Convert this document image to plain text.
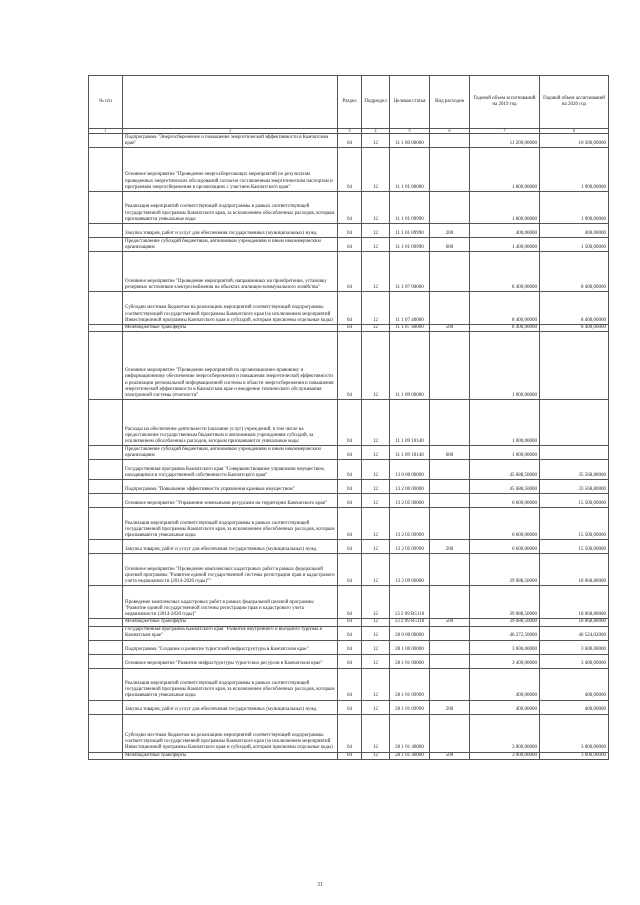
№ п/п		Раздел	Подраздел	Целевая статья	Вид расходов	Годовой объем ассигнований на 2019 год	Годовой объем ассигнований на 2020 год
1	2	3	4	5	6	7	8
	Подпрограмма "Энергосбережение и повышение энергетической эффективности в Камчатском крае"	04	12	11 1 00 00000		11 200,00000	10 300,00000
	Основное мероприятие "Проведение энергосберегающих мероприятий по результатам проведенных энергетических обследований согласно составленным энергетическим паспортам и программам энергосбережения в организациях с участием Камчатского края"	04	12	11 1 01 00000		1 800,00000	1 900,00000
	Реализация мероприятий соответствующей подпрограммы в рамках соответствующей государственной программы Камчатского края, за исключением обособленных расходов, которым присваиваются уникальные коды	04	12	11 1 01 09990		1 800,00000	1 900,00000
	Закупка товаров, работ и услуг для обеспечения государственных (муниципальных) нужд	04	12	11 1 01 09990	200	400,00000	400,00000
	Предоставление субсидий бюджетным, автономным учреждениям и иным некоммерческим организациям	04	12	11 1 01 09990	600	1 400,00000	1 500,00000
	Основное мероприятие "Проведение мероприятий, направленных на приобретение, установку резервных источников электроснабжения на объектах жилищно-коммунального хозяйства"	04	12	11 1 07 00000		8 400,00000	8 400,00000
	Субсидии местным бюджетам на реализацию мероприятий соответствующей подпрограммы соответствующей государственной программы Камчатского края (за исключением мероприятий Инвестиционной программы Камчатского края и субсидий, которым присвоены отдельные коды)	04	12	11 1 07 40060		8 400,00000	8 400,00000
	Межбюджетные трансферты	04	12	11 1 07 40060	500	8 400,00000	8 400,00000
	Основное мероприятие "Проведение мероприятий по организационно-правовому и информационному обеспечению энергосбережения и повышения энергетической эффективности и реализации региональной информационной системы в области энергосбережения и повышения энергетической эффективности в Камчатском крае и внедрение технического обслуживания электронной системы отчетности"	04	12	11 1 09 00000		1 000,00000	
	Расходы на обеспечение деятельности (оказание услуг) учреждений, в том числе на предоставление государственным бюджетным и автономным учреждениям субсидий, за исключением обособленных расходов, которым присваиваются уникальные коды	04	12	11 1 09 10140		1 000,00000	
	Предоставление субсидий бюджетным, автономным учреждениям и иным некоммерческим организациям	04	12	11 1 09 10140	600	1 000,00000	
	Государственная программа Камчатского края "Совершенствование управления имуществом, находящимся в государственной собственности Камчатского края"	04	12	13 0 00 00000		45 688,50000	35 568,80000
	Подпрограмма "Повышение эффективности управления краевым имуществом"	04	12	13 2 00 00000		45 688,50000	33 568,80000
	Основное мероприятие "Управление земельными ресурсами на территории Камчатского края"	04	12	13 2 05 00000		6 600,00000	15 500,00000
	Реализация мероприятий соответствующей подпрограммы в рамках соответствующей государственной программы Камчатского края, за исключением обособленных расходов, которым присваиваются уникальные коды	04	12	13 2 05 09990		6 600,00000	15 500,00000
	Закупка товаров, работ и услуг для обеспечения государственных (муниципальных) нужд	04	12	13 2 05 09990	200	6 600,00000	15 500,00000
	Основное мероприятие "Проведение комплексных кадастровых работ в рамках федеральной целевой программы "Развитие единой государственной системы регистрации прав и кадастрового учета недвижимости (2014-2020 годы)""	04	12	13 2 09 00000		39 088,50000	18 068,80000
	Проведение комплексных кадастровых работ в рамках федеральной целевой программы "Развитие единой государственной системы регистрации прав и кадастрового учета недвижимости (2014-2020 годы)"	04	12	13 2 09 R5110		39 088,50000	18 068,80000
	Межбюджетные трансферты	04	12	13 2 09 R5110	500	39 088,50000	18 068,80000
	Государственная программа Камчатского края "Развитие внутреннего и въездного туризма в Камчатском крае"	04	12	28 0 00 00000		46 272,50000	46 524,02000
	Подпрограмма "Создание и развитие туристской инфраструктуры в Камчатском крае"	04	12	28 1 00 00000		3 600,00000	3 600,00000
	Основное мероприятие "Развитие инфраструктуры туристских ресурсов в Камчатском крае"	04	12	28 1 01 00000		3 400,00000	3 400,00000
	Реализация мероприятий соответствующей подпрограммы в рамках соответствующей государственной программы Камчатского края, за исключением обособленных расходов, которым присваиваются уникальные коды	04	12	28 1 01 09990		400,00000	400,00000
	Закупка товаров, работ и услуг для обеспечения государственных (муниципальных) нужд	04	12	28 1 01 09990	200	400,00000	400,00000
	Субсидии местным бюджетам на реализацию мероприятий соответствующей подпрограммы соответствующей государственной программы Камчатского края (за исключением мероприятий Инвестиционной программы Камчатского края и субсидий, которым присвоены отдельные коды)	04	12	28 1 01 40060		3 000,00000	3 000,00000
	Межбюджетные трансферты	04	12	28 1 01 40060	500	3 000,00000	3 000,00000
31
